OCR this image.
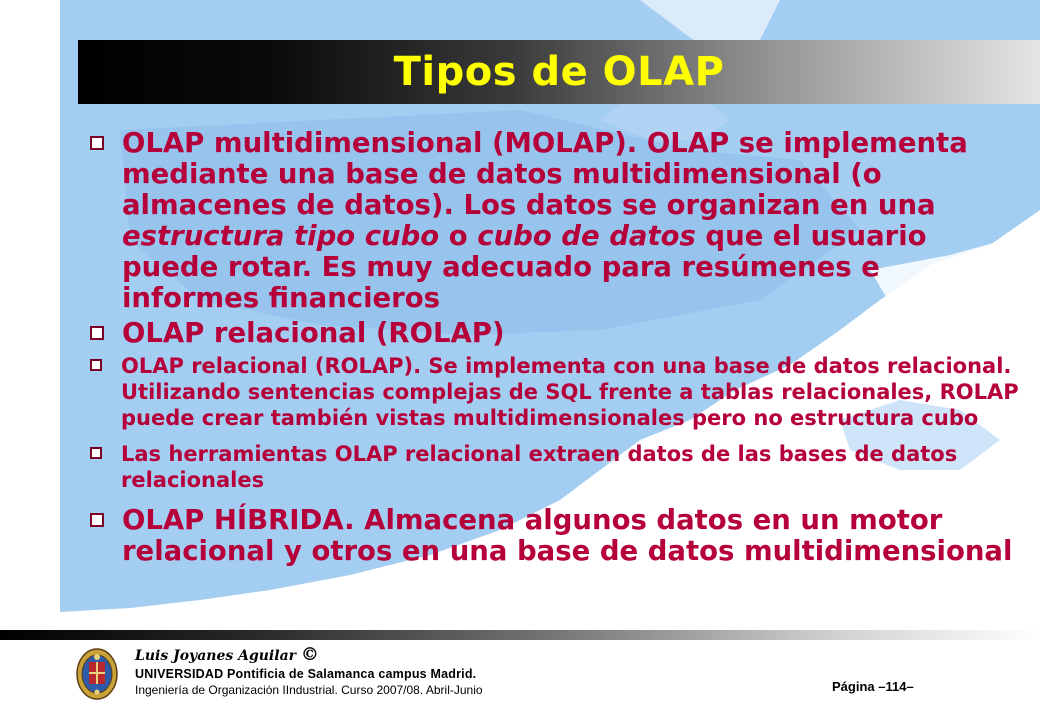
Tipos de OLAP
OLAP multidimensional (MOLAP). OLAP se implementa mediante una base de datos multidimensional (o almacenes de datos). Los datos se organizan en una estructura tipo cubo o cubo de datos que el usuario puede rotar. Es muy adecuado para resúmenes e informes financieros
OLAP relacional (ROLAP)
OLAP relacional (ROLAP). Se implementa con una base de datos relacional. Utilizando sentencias complejas de SQL frente a tablas relacionales, ROLAP puede crear también vistas multidimensionales pero no estructura cubo
Las herramientas OLAP relacional extraen datos de las bases de datos relacionales
OLAP HÍBRIDA. Almacena algunos datos en un motor relacional y otros en una base de datos multidimensional
Luis Joyanes Aguilar ©
UNIVERSIDAD Pontificia de Salamanca campus Madrid.
Ingeniería de Organización IIndustrial. Curso 2007/08. Abril-Junio	Página –114–
